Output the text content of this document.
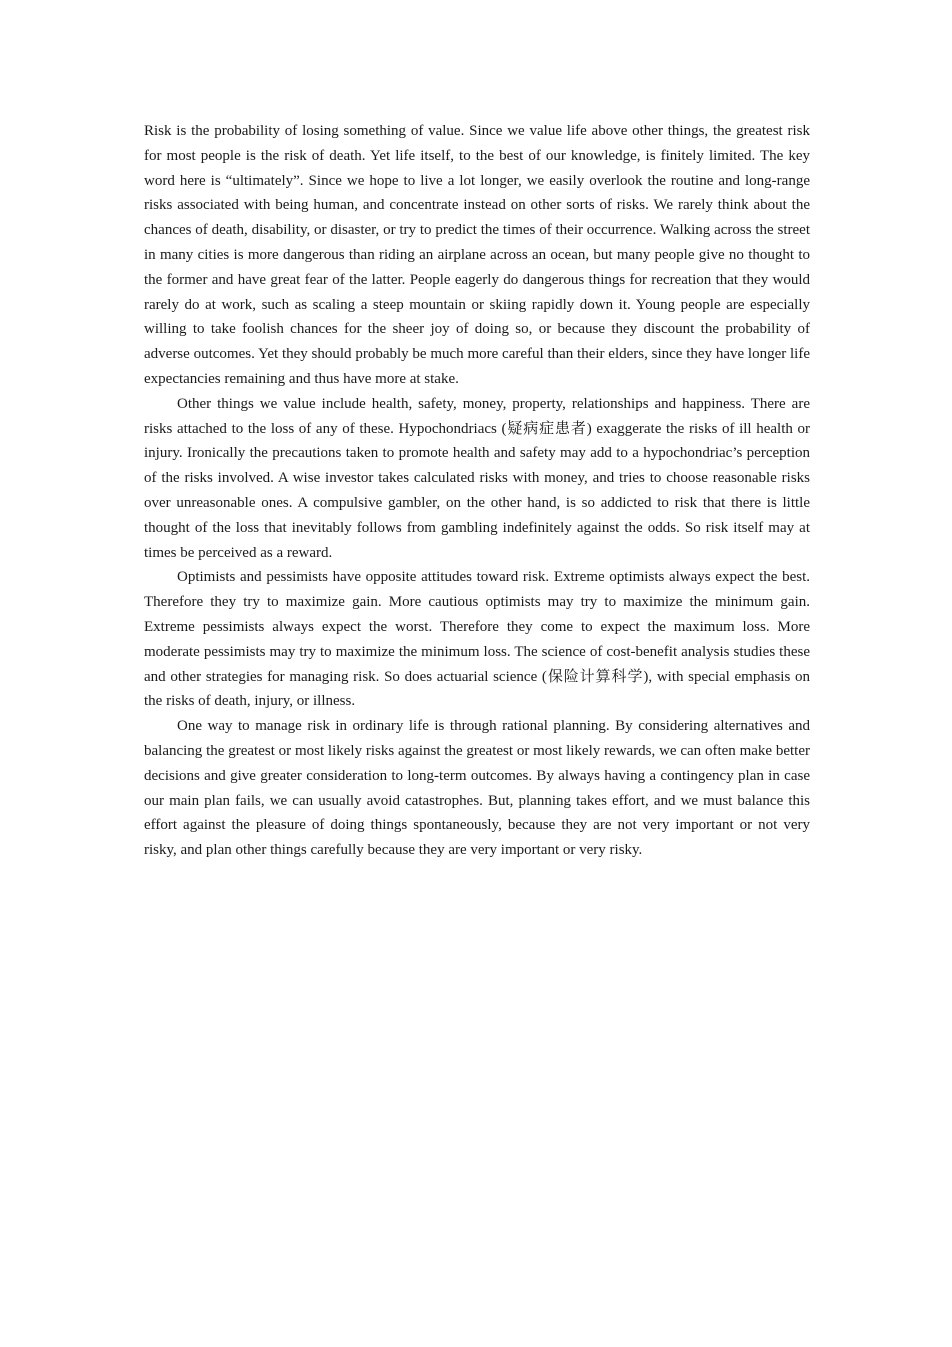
Risk is the probability of losing something of value. Since we value life above other things, the greatest risk for most people is the risk of death. Yet life itself, to the best of our knowledge, is finitely limited. The key word here is “ultimately”. Since we hope to live a lot longer, we easily overlook the routine and long-range risks associated with being human, and concentrate instead on other sorts of risks. We rarely think about the chances of death, disability, or disaster, or try to predict the times of their occurrence. Walking across the street in many cities is more dangerous than riding an airplane across an ocean, but many people give no thought to the former and have great fear of the latter. People eagerly do dangerous things for recreation that they would rarely do at work, such as scaling a steep mountain or skiing rapidly down it. Young people are especially willing to take foolish chances for the sheer joy of doing so, or because they discount the probability of adverse outcomes. Yet they should probably be much more careful than their elders, since they have longer life expectancies remaining and thus have more at stake.

Other things we value include health, safety, money, property, relationships and happiness. There are risks attached to the loss of any of these. Hypochondriacs (疑病症患者) exaggerate the risks of ill health or injury. Ironically the precautions taken to promote health and safety may add to a hypochondriac’s perception of the risks involved. A wise investor takes calculated risks with money, and tries to choose reasonable risks over unreasonable ones. A compulsive gambler, on the other hand, is so addicted to risk that there is little thought of the loss that inevitably follows from gambling indefinitely against the odds. So risk itself may at times be perceived as a reward.

Optimists and pessimists have opposite attitudes toward risk. Extreme optimists always expect the best. Therefore they try to maximize gain. More cautious optimists may try to maximize the minimum gain. Extreme pessimists always expect the worst. Therefore they come to expect the maximum loss. More moderate pessimists may try to maximize the minimum loss. The science of cost-benefit analysis studies these and other strategies for managing risk. So does actuarial science (保险计算科学), with special emphasis on the risks of death, injury, or illness.

One way to manage risk in ordinary life is through rational planning. By considering alternatives and balancing the greatest or most likely risks against the greatest or most likely rewards, we can often make better decisions and give greater consideration to long-term outcomes. By always having a contingency plan in case our main plan fails, we can usually avoid catastrophes. But, planning takes effort, and we must balance this effort against the pleasure of doing things spontaneously, because they are not very important or not very risky, and plan other things carefully because they are very important or very risky.
